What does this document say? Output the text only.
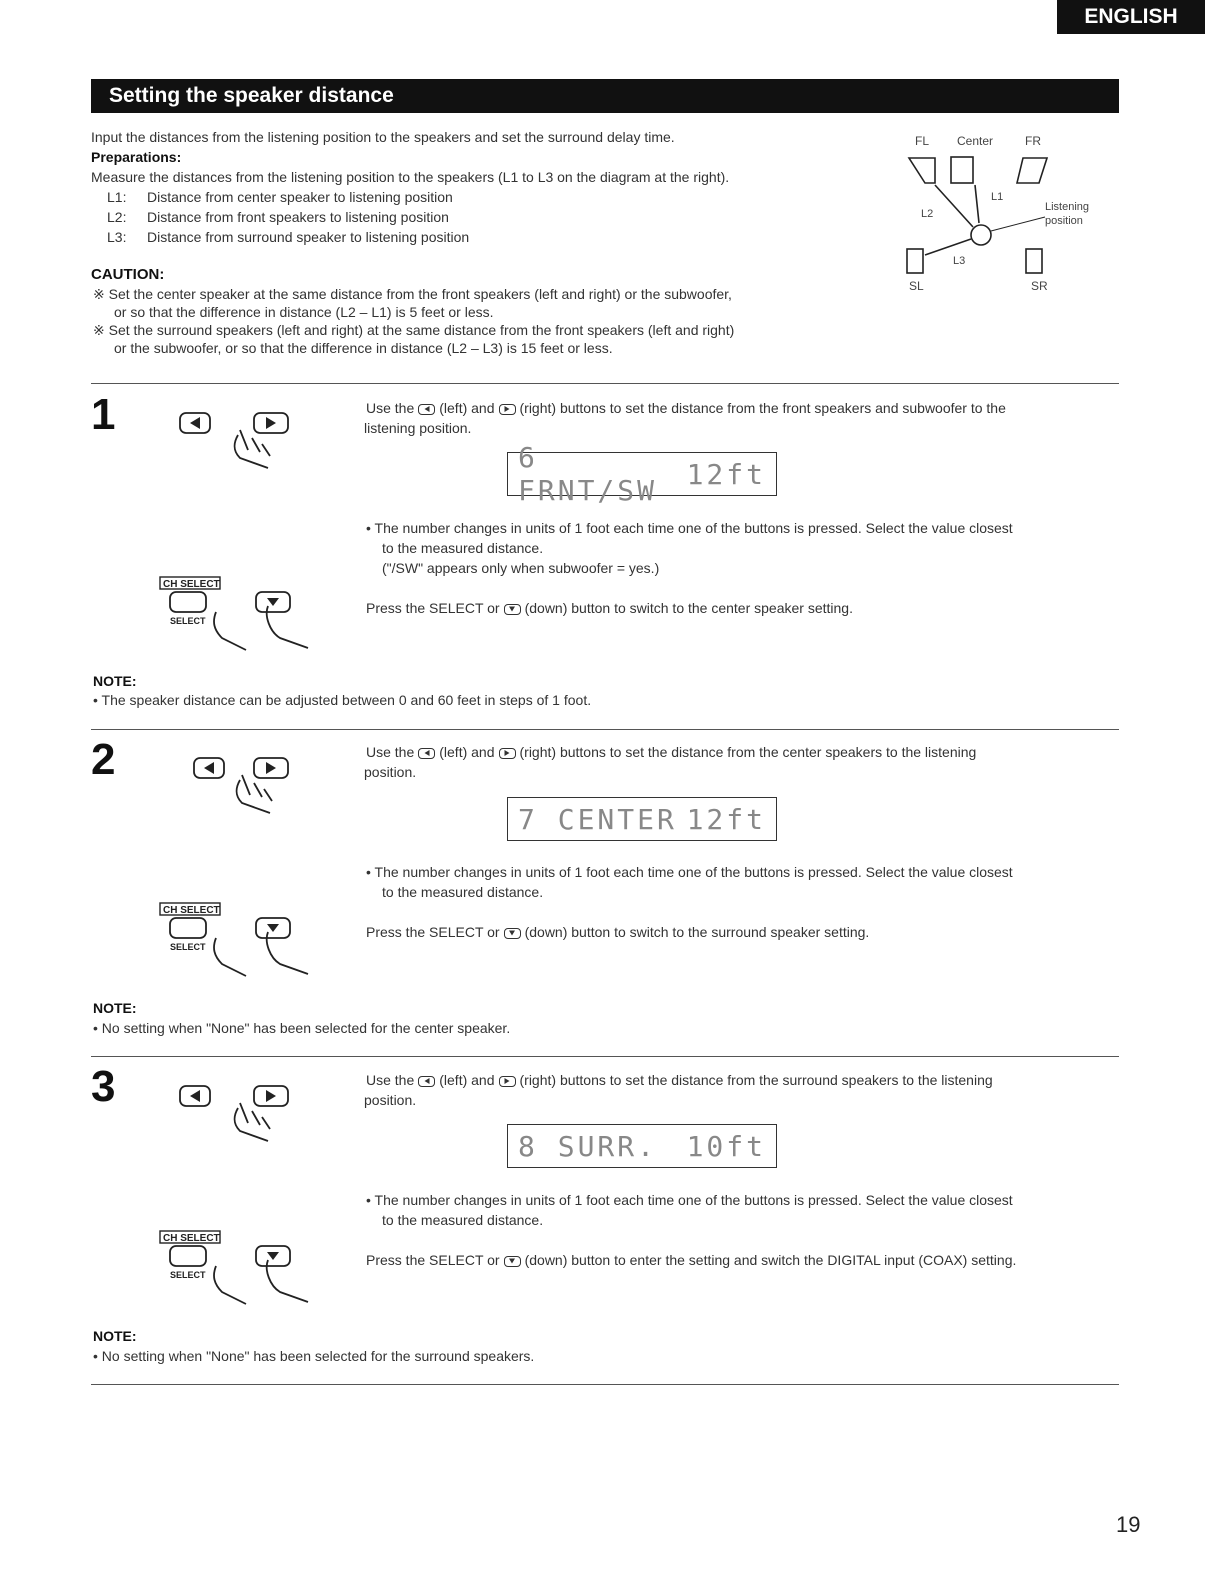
ENGLISH
Setting the speaker distance
Input the distances from the listening position to the speakers and set the surround delay time.
Preparations:
Measure the distances from the listening position to the speakers (L1 to L3 on the diagram at the right).
L1: Distance from center speaker to listening position
L2: Distance from front speakers to listening position
L3: Distance from surround speaker to listening position
CAUTION:
※ Set the center speaker at the same distance from the front speakers (left and right) or the subwoofer,
or so that the difference in distance (L2 – L1) is 5 feet or less.
※ Set the surround speakers (left and right) at the same distance from the front speakers (left and right)
or the subwoofer, or so that the difference in distance (L2 – L3) is 15 feet or less.
FL Center	FR
L1
L2
L3
Listening
position
SL	SR
1
CH SELECT
SELECT
Use the (left) and (right) buttons to set the distance from the front speakers and subwoofer to the
listening position.
6 FRNT/SW	12ft
• The number changes in units of 1 foot each time one of the buttons is pressed. Select the value closest
to the measured distance.
("/SW" appears only when subwoofer = yes.)
Press the SELECT or (down) button to switch to the center speaker setting.
NOTE:
• The speaker distance can be adjusted between 0 and 60 feet in steps of 1 foot.
2
CH SELECT
SELECT
Use the (left) and (right) buttons to set the distance from the center speakers to the listening
position.
7 CENTER 12ft
• The number changes in units of 1 foot each time one of the buttons is pressed. Select the value closest
to the measured distance.
Press the SELECT or (down) button to switch to the surround speaker setting.
NOTE:
• No setting when "None" has been selected for the center speaker.
3
CH SELECT
SELECT
Use the (left) and (right) buttons to set the distance from the surround speakers to the listening
position.
8 SURR. 10ft
• The number changes in units of 1 foot each time one of the buttons is pressed. Select the value closest
to the measured distance.
Press the SELECT or (down) button to enter the setting and switch the DIGITAL input (COAX) setting.
NOTE:
• No setting when "None" has been selected for the surround speakers.
19
